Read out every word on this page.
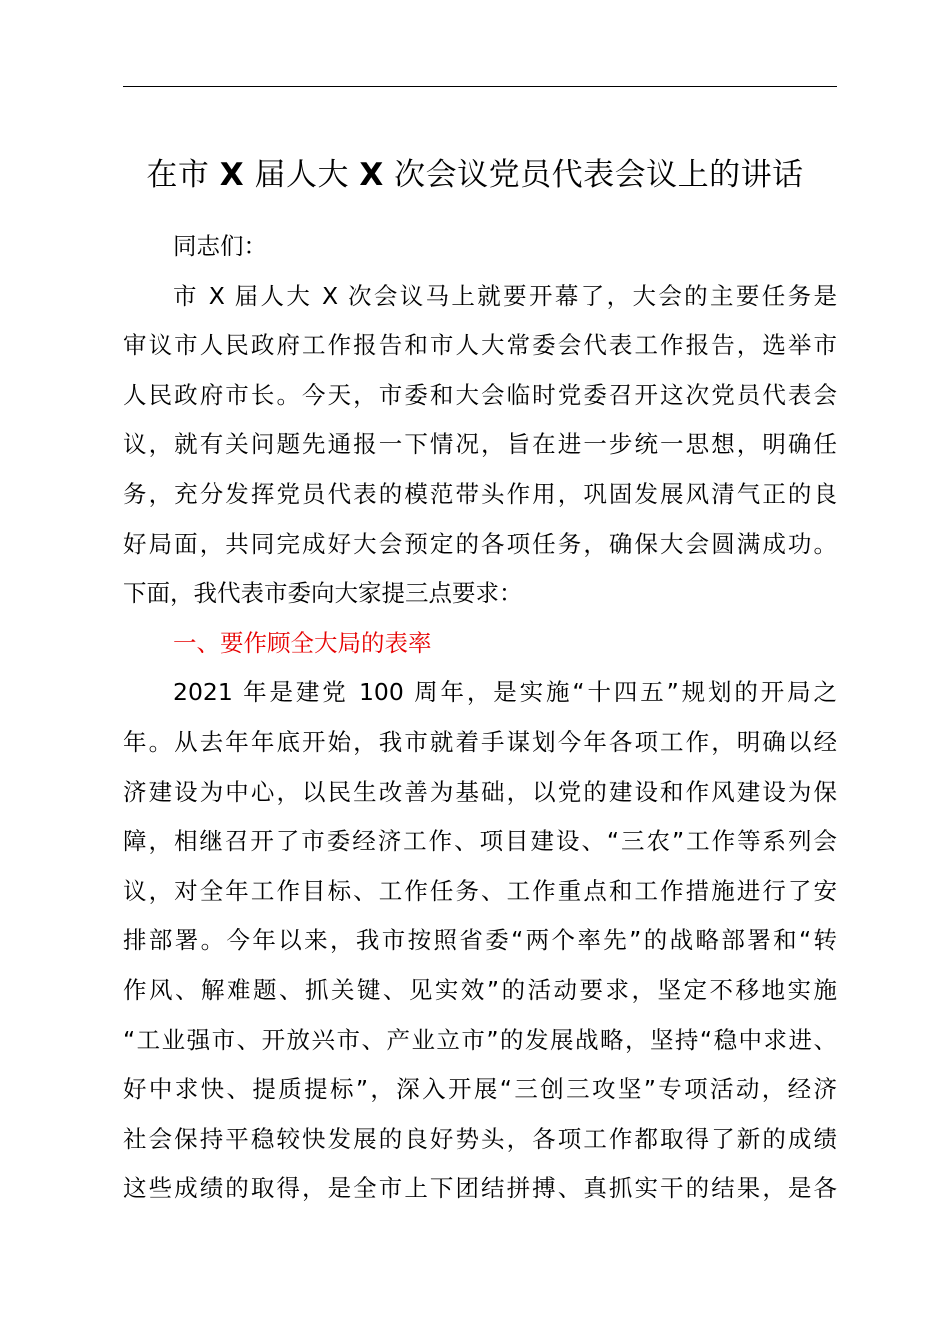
在市 X 届人大 X 次会议党员代表会议上的讲话
同志们：
市 X 届人大 X 次会议马上就要开幕了，大会的主要任务是
审议市人民政府工作报告和市人大常委会代表工作报告，选举市
人民政府市长。今天，市委和大会临时党委召开这次党员代表会
议，就有关问题先通报一下情况，旨在进一步统一思想，明确任
务，充分发挥党员代表的模范带头作用，巩固发展风清气正的良
好局面，共同完成好大会预定的各项任务，确保大会圆满成功。
下面，我代表市委向大家提三点要求：
一、要作顾全大局的表率
2021 年是建党 100 周年，是实施“十四五”规划的开局之
年。从去年年底开始，我市就着手谋划今年各项工作，明确以经
济建设为中心，以民生改善为基础，以党的建设和作风建设为保
障，相继召开了市委经济工作、项目建设、“三农”工作等系列会
议，对全年工作目标、工作任务、工作重点和工作措施进行了安
排部署。今年以来，我市按照省委“两个率先”的战略部署和“转
作风、解难题、抓关键、见实效”的活动要求，坚定不移地实施
“工业强市、开放兴市、产业立市”的发展战略，坚持“稳中求进、
好中求快、提质提标”，深入开展“三创三攻坚”专项活动，经济
社会保持平稳较快发展的良好势头，各项工作都取得了新的成绩
这些成绩的取得，是全市上下团结拼搏、真抓实干的结果，是各
